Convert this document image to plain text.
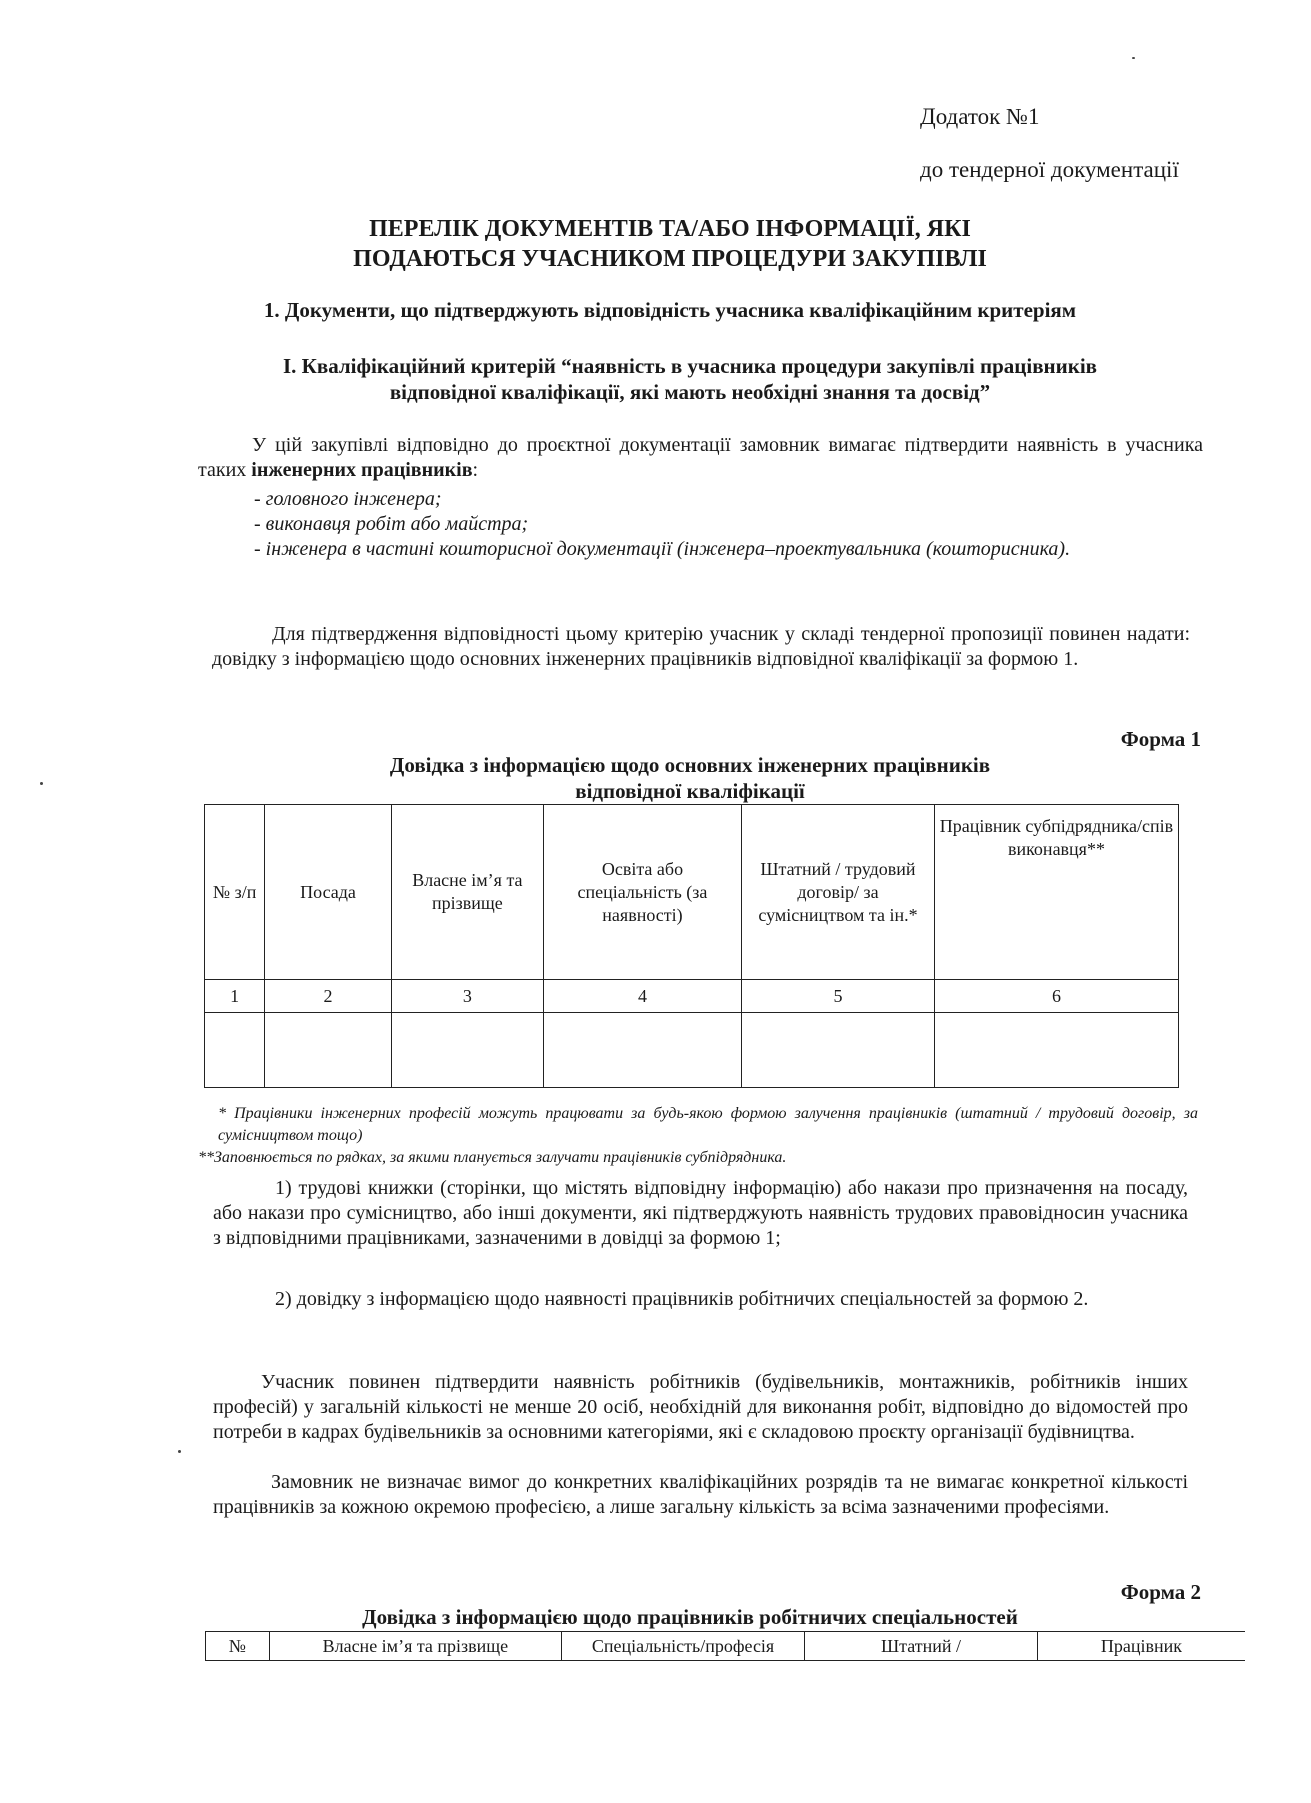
Додаток №1
до тендерної документації
ПЕРЕЛІК ДОКУМЕНТІВ ТА/АБО ІНФОРМАЦІЇ, ЯКІ
ПОДАЮТЬСЯ УЧАСНИКОМ ПРОЦЕДУРИ ЗАКУПІВЛІ
1. Документи, що підтверджують відповідність учасника кваліфікаційним критеріям
I. Кваліфікаційний критерій “наявність в учасника процедури закупівлі працівників
відповідної кваліфікації, які мають необхідні знання та досвід”

У цій закупівлі відповідно до проєктної документації замовник вимагає підтвердити наявність в учасника таких інженерних працівників:

- головного інженера;
- виконавця робіт або майстра;
- інженера в частині кошторисної документації (інженера–проектувальника (кошторисника).

Для підтвердження відповідності цьому критерію учасник у складі тендерної пропозиції повинен надати: довідку з інформацією щодо основних інженерних працівників відповідної кваліфікації за формою 1.

Форма 1
Довідка з інформацією щодо основних інженерних працівників
відповідної кваліфікації
№ з/п	Посада	Власне ім’я та прізвище	Освіта або спеціальність (за наявності)	Штатний / трудовий договір/ за сумісництвом та ін.*	Працівник субпідрядника/співвиконавця**
1	2	3	4	5	6

* Працівники інженерних професій можуть працювати за будь-якою формою залучення працівників (штатний / трудовий договір, за сумісництвом тощо)
**Заповнюється по рядках, за якими планується залучати працівників субпідрядника.

1) трудові книжки (сторінки, що містять відповідну інформацію) або накази про призначення на посаду, або накази про сумісництво, або інші документи, які підтверджують наявність трудових правовідносин учасника з відповідними працівниками, зазначеними в довідці за формою 1;

2) довідку з інформацією щодо наявності працівників робітничих спеціальностей за формою 2.

Учасник повинен підтвердити наявність робітників (будівельників, монтажників, робітників інших професій) у загальній кількості не менше 20 осіб, необхідній для виконання робіт, відповідно до відомостей про потреби в кадрах будівельників за основними категоріями, які є складовою проєкту організації будівництва.

Замовник не визначає вимог до конкретних кваліфікаційних розрядів та не вимагає конкретної кількості працівників за кожною окремою професією, а лише загальну кількість за всіма зазначеними професіями.

Форма 2
Довідка з інформацією щодо працівників робітничих спеціальностей
№	Власне ім’я та прізвище	Спеціальність/професія	Штатний /	Працівник
